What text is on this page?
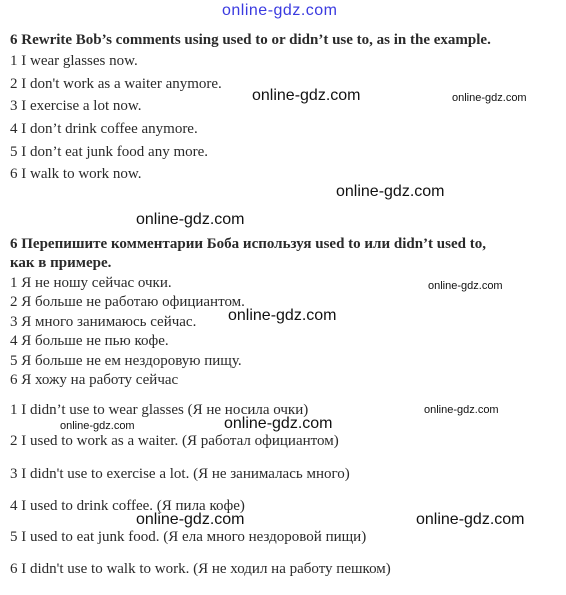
online-gdz.com
online-gdz.com	online-gdz.com
online-gdz.com
online-gdz.com
online-gdz.com
online-gdz.com
online-gdz.com
online-gdz.com	online-gdz.com
online-gdz.com	online-gdz.com
6 Rewrite Bob’s comments using used to or didn’t use to, as in the example.
1 I wear glasses now.
2 I don't work as a waiter anymore.
3 I exercise a lot now.
4 I don’t drink coffee anymore.
5 I don’t eat junk food any more.
6 I walk to work now.
6 Перепишите комментарии Боба используя used to или didn’t used to,
как в примере.
1 Я не ношу сейчас очки.
2 Я больше не работаю официантом.
3 Я много занимаюсь сейчас.
4 Я больше не пью кофе.
5 Я больше не ем нездоровую пищу.
6 Я хожу на работу сейчас
1 I didn’t use to wear glasses (Я не носила очки)
2 I used to work as a waiter. (Я работал официантом)
3 I didn't use to exercise a lot. (Я не занималась много)
4 I used to drink coffee. (Я пила кофе)
5 I used to eat junk food. (Я ела много нездоровой пищи)
6 I didn't use to walk to work. (Я не ходил на работу пешком)
